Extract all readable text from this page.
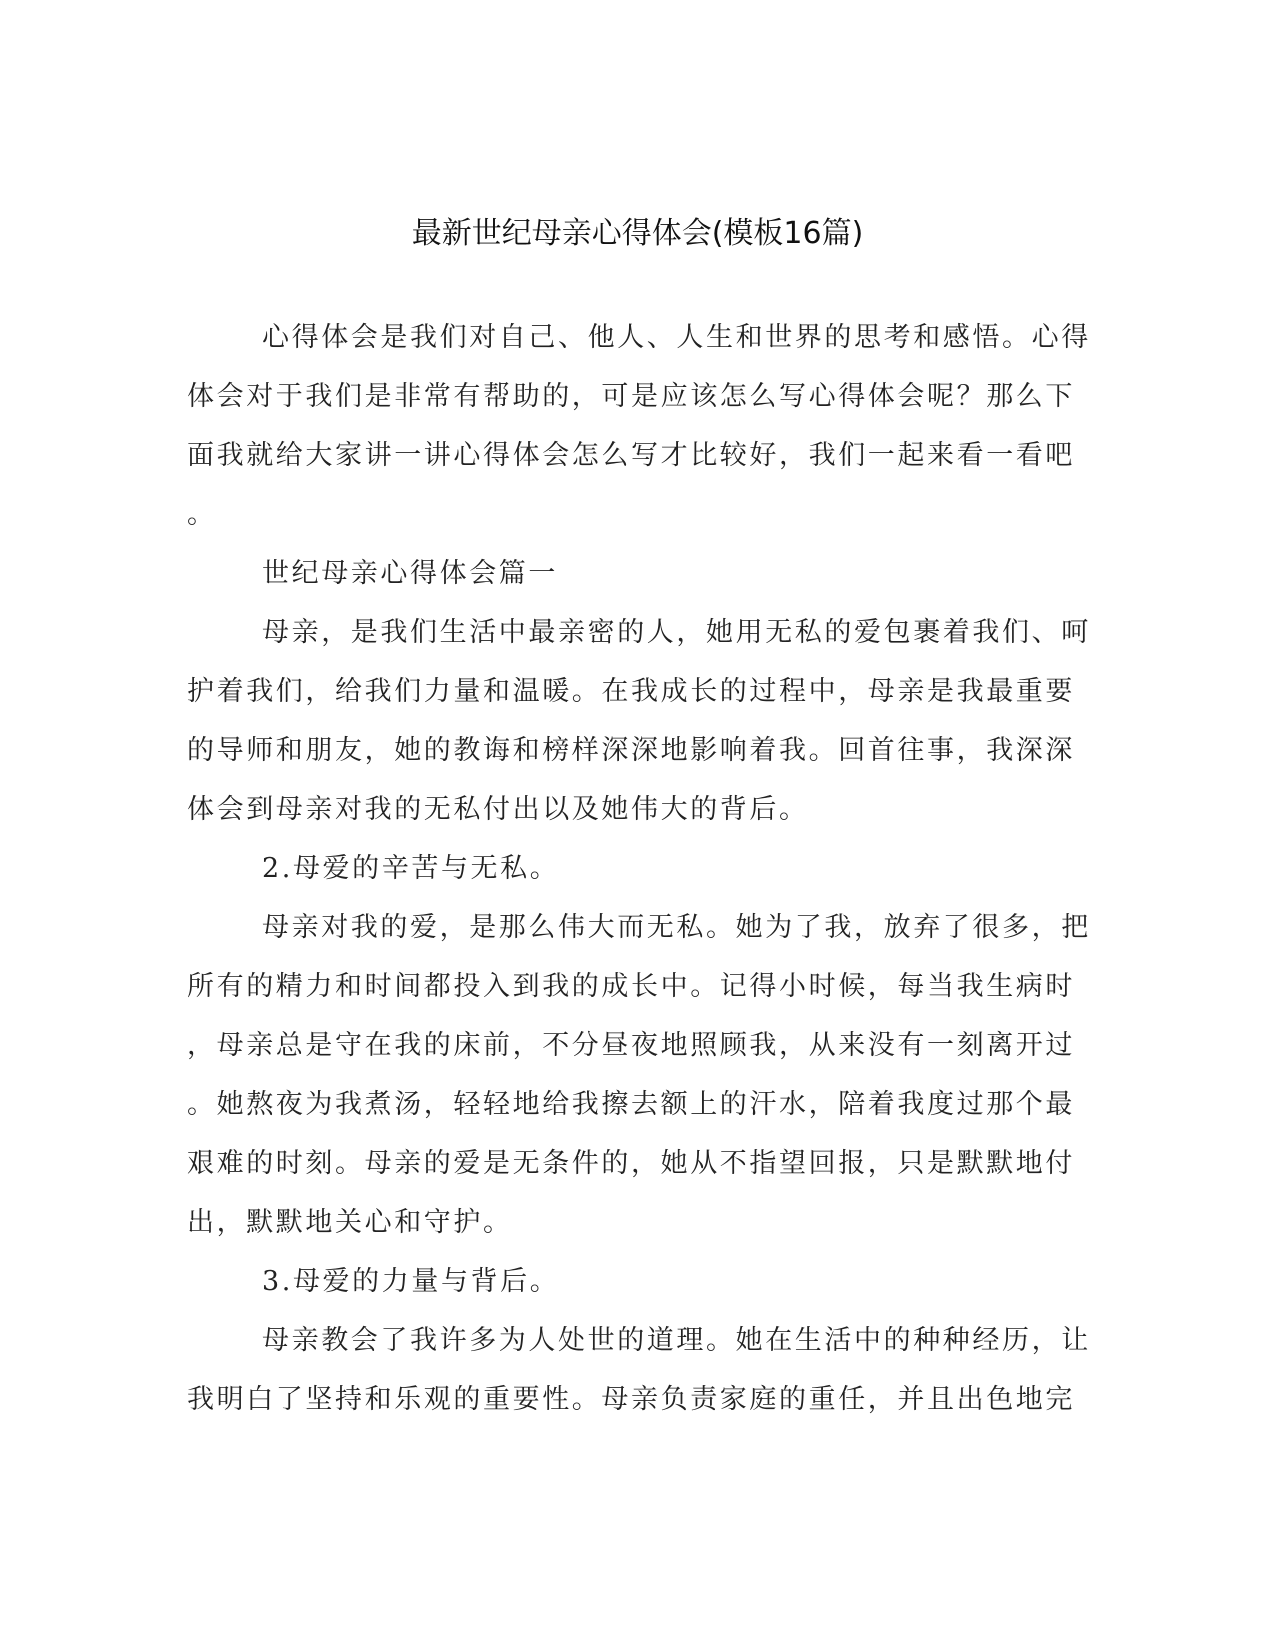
最新世纪母亲心得体会(模板16篇)

心得体会是我们对自己、他人、人生和世界的思考和感悟。心得

体会对于我们是非常有帮助的，可是应该怎么写心得体会呢？那么下

面我就给大家讲一讲心得体会怎么写才比较好，我们一起来看一看吧

。

世纪母亲心得体会篇一

母亲，是我们生活中最亲密的人，她用无私的爱包裹着我们、呵

护着我们，给我们力量和温暖。在我成长的过程中，母亲是我最重要

的导师和朋友，她的教诲和榜样深深地影响着我。回首往事，我深深

体会到母亲对我的无私付出以及她伟大的背后。

2.母爱的辛苦与无私。

母亲对我的爱，是那么伟大而无私。她为了我，放弃了很多，把

所有的精力和时间都投入到我的成长中。记得小时候，每当我生病时

，母亲总是守在我的床前，不分昼夜地照顾我，从来没有一刻离开过

。她熬夜为我煮汤，轻轻地给我擦去额上的汗水，陪着我度过那个最

艰难的时刻。母亲的爱是无条件的，她从不指望回报，只是默默地付

出，默默地关心和守护。

3.母爱的力量与背后。

母亲教会了我许多为人处世的道理。她在生活中的种种经历，让

我明白了坚持和乐观的重要性。母亲负责家庭的重任，并且出色地完
